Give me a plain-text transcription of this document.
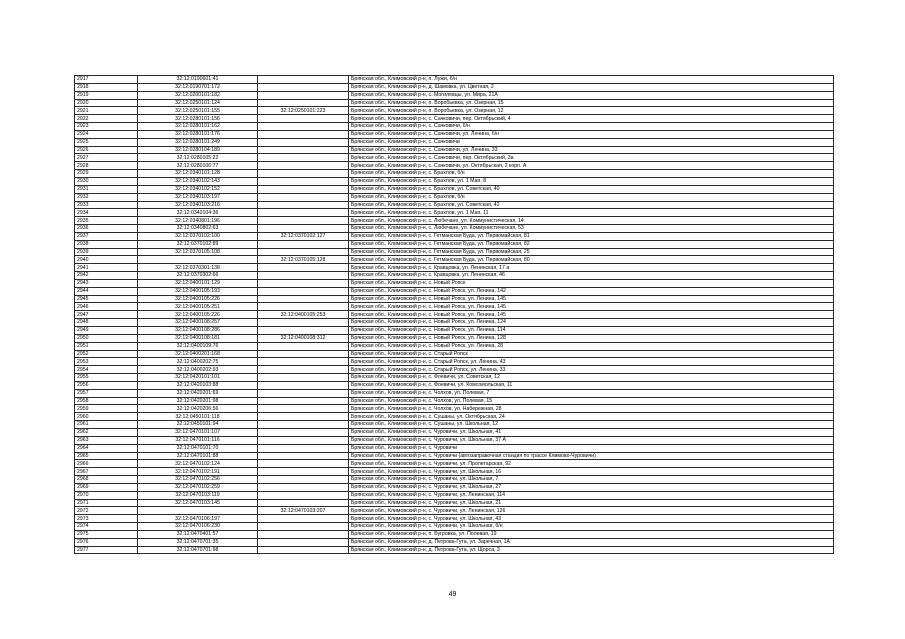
2917	32:12:0190601:41		Брянская обл., Климовский р-н, п. Лужи, б/н
2918	32:12:0190701:172		Брянская обл., Климовский р-н, д. Шамовка, ул. Цветная, 2
2919	32:12:0200101:182		Брянская обл., Климовский р-н, с. Могилевцы, ул. Мира, 21А
2920	32:12:0250101:124		Брянская обл., Климовский р-н, п. Воробьевка, ул. Озерная, 15
2921	32:12:0250101:155	32:12:0250101:223	Брянская обл., Климовский р-н, п. Воробьевка, ул. Озерная, 12
2922	32:12:0280101:156		Брянская обл., Климовский р-н, с. Сачковичи, пер. Октябрьский, 4
2923	32:12:0280101:162		Брянская обл., Климовский р-н, с. Сачковичи, б/н
2924	32:12:0280101:176		Брянская обл., Климовский р-н, с. Сачковичи, ул. Ленина, б/н
2925	32:12:0280101:249		Брянская обл., Климовский р-н, с. Сачковичи
2926	32:12:0280104:189		Брянская обл., Климовский р-н, с. Сачковичи, ул. Ленина, 33
2927	32:12:0280105:22		Брянская обл., Климовский р-н, с. Сачковичи, пер. Октябрьский, 3а
2928	32:12:0280106:77		Брянская обл., Климовский р-н, с. Сачковичи, ул. Октябрьская, 2 корп. А
2929	32:12:0340101:128		Брянская обл., Климовский р-н, с. Брахлов, б/н
2930	32:12:0340102:143		Брянская обл., Климовский р-н, с. Брахлов, ул. 1 Мая, 8
2931	32:12:0340102:152		Брянская обл., Климовский р-н, с. Брахлов, ул. Советская, 40
2932	32:12:0340103:197		Брянская обл., Климовский р-н, с. Брахлов, б/н
2933	32:12:0340103:216		Брянская обл., Климовский р-н, с. Брахлов, ул. Советская, 42
2934	32:12:0340104:36		Брянская обл., Климовский р-н, с. Брахлов, ул. 1 Мая, 11
2935	32:12:0340801:196		Брянская обл., Климовский р-н, с. Любечане, ул. Коммунистическая, 14
2936	32:12:0340802:63		Брянская обл., Климовский р-н, с. Любечане, ул. Коммунистическая, 53
2937	32:12:0370102:100	32:12:0370102:127	Брянская обл., Климовский р-н, с. Гетманская Буда, ул. Первомайская, 81
2938	32:12:0370102:89		Брянская обл., Климовский р-н, с. Гетманская Буда, ул. Первомайская, 82
2939	32:12:0370105:108		Брянская обл., Климовский р-н, с. Гетманская Буда, ул. Первомайская, 25
2940		32:12:0370105:128	Брянская обл., Климовский р-н, с. Гетманская Буда, ул. Первомайская, 80
2941	32:12:0370301:138		Брянская обл., Климовский р-н, с. Кравцовка, ул. Ленинская, 17 а
2942	32:12:0370302:66		Брянская обл., Климовский р-н, с. Кравцовка, ул. Ленинская, 46
2943	32:12:0400101:129		Брянская обл., Климовский р-н, с. Новый Ропск
2944	32:12:0400105:193		Брянская обл., Климовский р-н, с. Новый Ропск, ул. Ленина, 142
2945	32:12:0400105:226		Брянская обл., Климовский р-н, с. Новый Ропск, ул. Ленина, 145
2946	32:12:0400105:251		Брянская обл., Климовский р-н, с. Новый Ропск, ул. Ленина, 145
2947	32:12:0400105:226	32:12:0400105:253	Брянская обл., Климовский р-н, с. Новый Ропск, ул. Ленина, 145
2948	32:12:0400108:257		Брянская обл., Климовский р-н, с. Новый Ропск, ул. Ленина, 124
2949	32:12:0400108:286		Брянская обл., Климовский р-н, с. Новый Ропск, ул. Ленина, 114
2950	32:12:0400108:181	32:12:0400108:312	Брянская обл., Климовский р-н, с. Новый Ропск, ул. Ленина, 128
2951	32:12:0400109:76		Брянская обл., Климовский р-н, с. Новый Ропск, ул. Ленина, 28
2952	32:12:0400201:168		Брянская обл., Климовский р-н, с. Старый Ропск
2953	32:12:0400202:75		Брянская обл., Климовский р-н, с. Старый Ропск, ул. Ленина, 43
2954	32:12:0400202:93		Брянская обл., Климовский р-н, с. Старый Ропск, ул. Ленина, 33
2955	32:12:0420101:101		Брянская обл., Климовский р-н, с. Фоевичи, ул. Советская, 12
2956	32:12:0420103:88		Брянская обл., Климовский р-н, с. Фоевичи, ул. Комсомольская, 11
2957	32:12:0420201:69		Брянская обл., Климовский р-н, с. Чолхов, ул. Полевая, 7
2958	32:12:0420201:98		Брянская обл., Климовский р-н, с. Чолхов, ул. Полевая, 15
2959	32:12:0420206:56		Брянская обл., Климовский р-н, с. Чолхов, ул. Набережная, 28
2960	32:12:0450101:118		Брянская обл., Климовский р-н, с. Сушаны, ул. Октябрьская, 24
2961	32:12:0450101:94		Брянская обл., Климовский р-н, с. Сушаны, ул. Школьная, 12
2962	32:12:0470101:107		Брянская обл., Климовский р-н, с. Чуровичи, ул. Школьная, 41
2963	32:12:0470101:116		Брянская обл., Климовский р-н, с. Чуровичи, ул. Школьная, 37 А
2964	32:12:0470101:70		Брянская обл., Климовский р-н, с. Чуровичи
2965	32:12:0470101:88		Брянская обл., Климовский р-н, с. Чуровичи (автозаправочная станция по трассе Климово-Чуровичи)
2966	32:12:0470102:124		Брянская обл., Климовский р-н, с. Чуровичи, ул. Пролетарская, 92
2967	32:12:0470102:191		Брянская обл., Климовский р-н, с. Чуровичи, ул. Школьная, 16
2968	32:12:0470102:256		Брянская обл., Климовский р-н, с. Чуровичи, ул. Школьная, 7
2969	32:12:0470102:259		Брянская обл., Климовский р-н, с. Чуровичи, ул. Школьная, 27
2970	32:12:0470103:119		Брянская обл., Климовский р-н, с. Чуровичи, ул. Ленинская, 114
2971	32:12:0470103:145		Брянская обл., Климовский р-н, с. Чуровичи, ул. Школьная, 21
2972		32:12:0470103:207	Брянская обл., Климовский р-н, с. Чуровичи, ул. Ленинская, 126
2973	32:12:0470106:197		Брянская обл., Климовский р-н, с. Чуровичи, ул. Школьная, 43
2974	32:12:0470106:230		Брянская обл., Климовский р-н, с. Чуровичи, ул. Школьная, б/н
2975	32:12:0470401:57		Брянская обл., Климовский р-н, п. Бугровка, ул. Полевая, 19
2976	32:12:0470701:35		Брянская обл., Климовский р-н, д. Петрова-Гута, ул. Заречная, 1А
2977	32:12:0470701:98		Брянская обл., Климовский р-н, д. Петрова-Гута, ул. Щорса, 3
49
